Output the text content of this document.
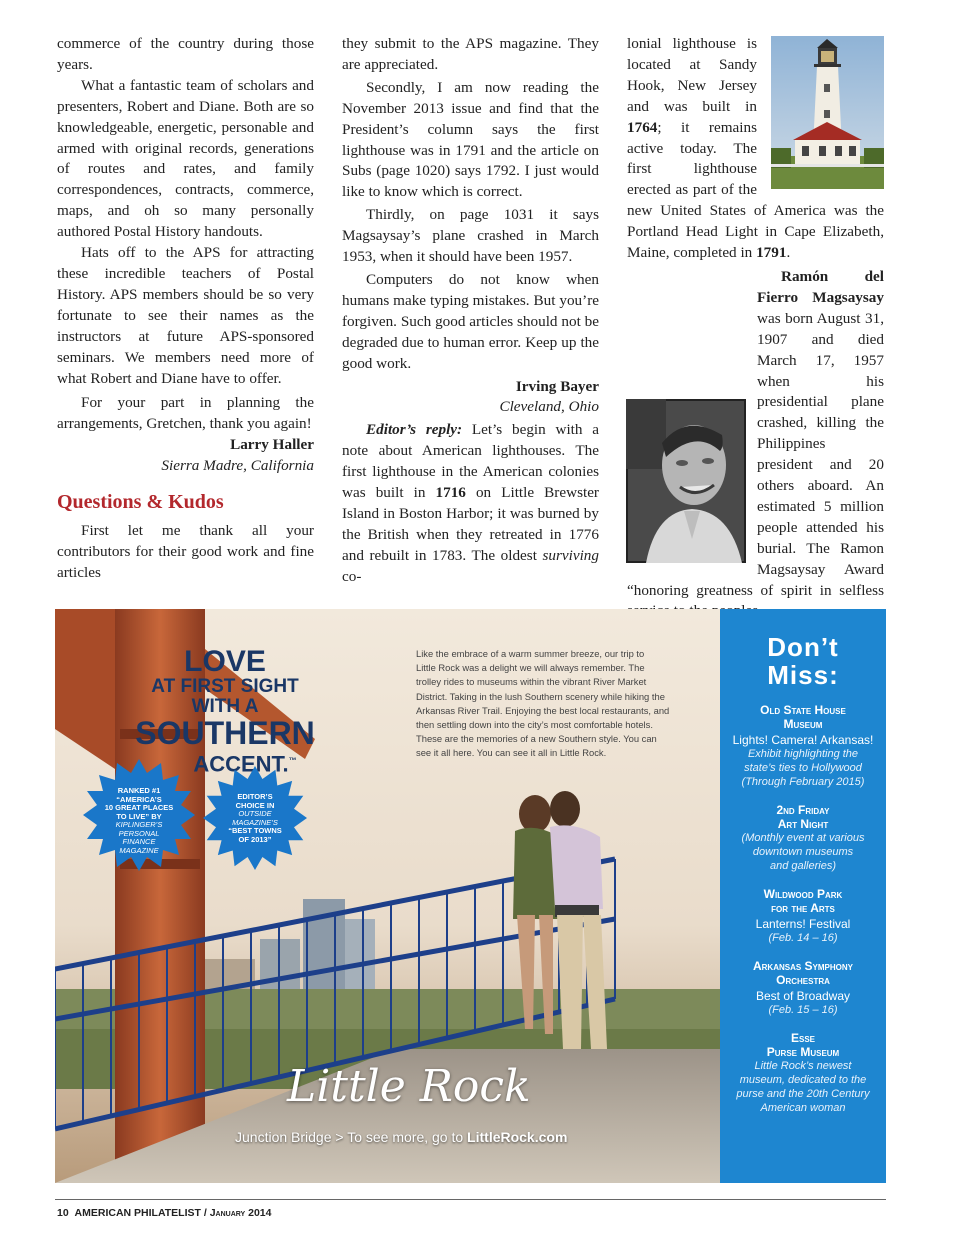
commerce of the country during those years.

What a fantastic team of scholars and presenters, Robert and Diane. Both are so knowledgeable, energetic, personable and armed with original records, generations of routes and rates, and family correspondences, contracts, commerce, maps, and oh so many personally authored Postal History handouts.

Hats off to the APS for attracting these incredible teachers of Postal History. APS members should be so very fortunate to see their names as the instructors at future APS-sponsored seminars. We members need more of what Robert and Diane have to offer.

For your part in planning the arrangements, Gretchen, thank you again!

Larry Haller

Sierra Madre, California

Questions & Kudos

First let me thank all your contributors for their good work and fine articles

they submit to the APS magazine. They are appreciated.

Secondly, I am now reading the November 2013 issue and find that the President’s column says the first lighthouse was in 1791 and the article on Subs (page 1020) says 1792. I just would like to know which is correct.

Thirdly, on page 1031 it says Magsaysay’s plane crashed in March 1953, when it should have been 1957.

Computers do not know when humans make typing mistakes. But you’re forgiven. Such good articles should not be degraded due to human error. Keep up the good work.

Irving Bayer

Cleveland, Ohio

Editor’s reply: Let’s begin with a note about American lighthouses. The first lighthouse in the American colonies was built in 1716 on Little Brewster Island in Boston Harbor; it was burned by the British when they retreated in 1776 and rebuilt in 1783. The oldest surviving co-

lonial lighthouse is located at Sandy Hook, New Jersey and was built in 1764; it remains active today. The first lighthouse erected as part of the new United States of America was the Portland Head Light in Cape Elizabeth, Maine, completed in 1791.

Ramón del Fierro Magsaysay was born August 31, 1907 and died March 17, 1957 when his presidential plane crashed, killing the Philippines president and 20 others aboard. An estimated 5 million people attended his burial. The Ramon Magsaysay Award “honoring greatness of spirit in selfless

LOVE
AT FIRST SIGHT
WITH A
SOUTHERN
ACCENT.™
RANKED #1
“AMERICA’S
10 GREAT PLACES
TO LIVE” BY
KIPLINGER’S
PERSONAL
FINANCE
MAGAZINE
EDITOR’S
CHOICE IN
OUTSIDE
MAGAZINE’S
“BEST TOWNS
OF 2013”
Like the embrace of a warm summer breeze, our trip to
Little Rock was a delight we will always remember. The
trolley rides to museums within the vibrant River Market
District. Taking in the lush Southern scenery while hiking the
Arkansas River Trail. Enjoying the best local restaurants, and
then settling down into the city’s most comfortable hotels.
These are the memories of a new Southern style. You can
see it all here. You can see it all in Little Rock.
Little Rock
Junction Bridge > To see more, go to LittleRock.com
Don’t
Miss:
Old State House
Museum
Lights! Camera! Arkansas!
Exhibit highlighting the
state’s ties to Hollywood
(Through February 2015)
2nd Friday
Art Night
(Monthly event at various
downtown museums
and galleries)
Wildwood Park
for the Arts
Lanterns! Festival
(Feb. 14 – 16)
Arkansas Symphony
Orchestra
Best of Broadway
(Feb. 15 – 16)
Esse
Purse Museum
Little Rock’s newest
museum, dedicated to the
purse and the 20th Century
American woman
10 AMERICAN PHILATELIST / January 2014
